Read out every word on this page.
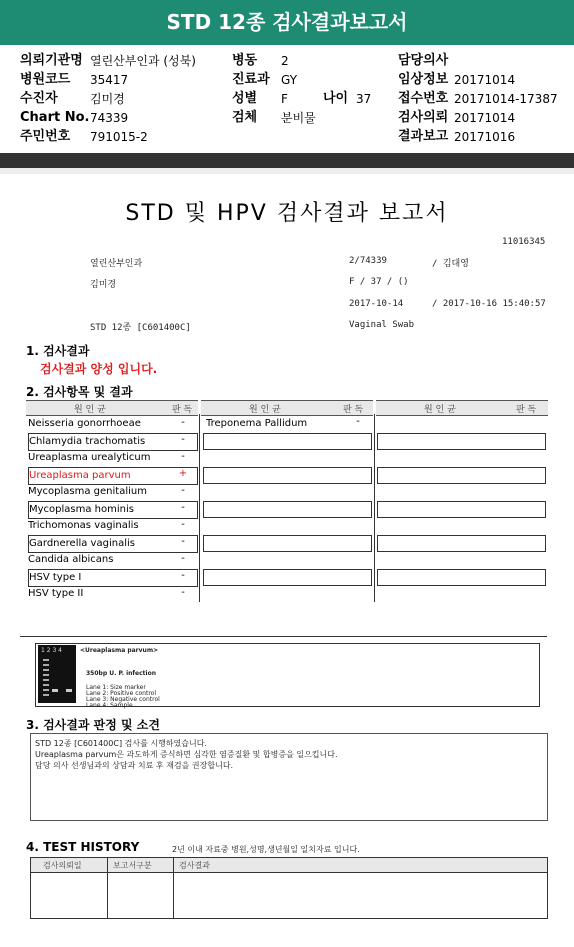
STD 12종 검사결과보고서
의뢰기관명 열린산부인과 (성북)	병동 2	담당의사
병원코드 35417	진료과 GY	임상정보 20171014
수진자	김미경	성별 F	나이 37 접수번호 20171014-17387
Chart No. 74339	검체 분비물	검사의뢰 20171014
주민번호 791015-2	결과보고 20171016
STD 및 HPV 검사결과 보고서
11016345
열린산부인과	2/74339	/ 김대영
김미경	F / 37 / ()
2017-10-14	/ 2017-10-16 15:40:57
STD 12종 [C601400C]	Vaginal Swab
1. 검사결과
검사결과 양성 입니다.
2. 검사항목 및 결과
원 인 균	판 독	원 인 균	판 독	원 인 균	판 독
Neisseria gonorrhoeae	-
Chlamydia trachomatis	-
Ureaplasma urealyticum	-
Ureaplasma parvum	+
Mycoplasma genitalium	-
Mycoplasma hominis	-
Trichomonas vaginalis	-
Gardnerella vaginalis	-
Candida albicans	-
HSV type I	-
HSV type II	-
Treponema Pallidum	-
1 2 3 4	<Ureaplasma parvum>
350bp U. P. infection
Lane 1: Size marker
Lane 2: Positive control
Lane 3: Negative control
Lane 4: Sample
3. 검사결과 판정 및 소견
STD 12종 [C601400C] 검사를 시행하였습니다.
Ureaplasma parvum은 과도하게 증식하면 심각한 염증질환 및 합병증을 일으킵니다.
담당 의사 선생님과의 상담과 치료 후 재검을 권장합니다.
4. TEST HISTORY	2년 이내 자료중 병원,성명,생년월일 일치자료 입니다.
검사의뢰일	보고서구분	검사결과
